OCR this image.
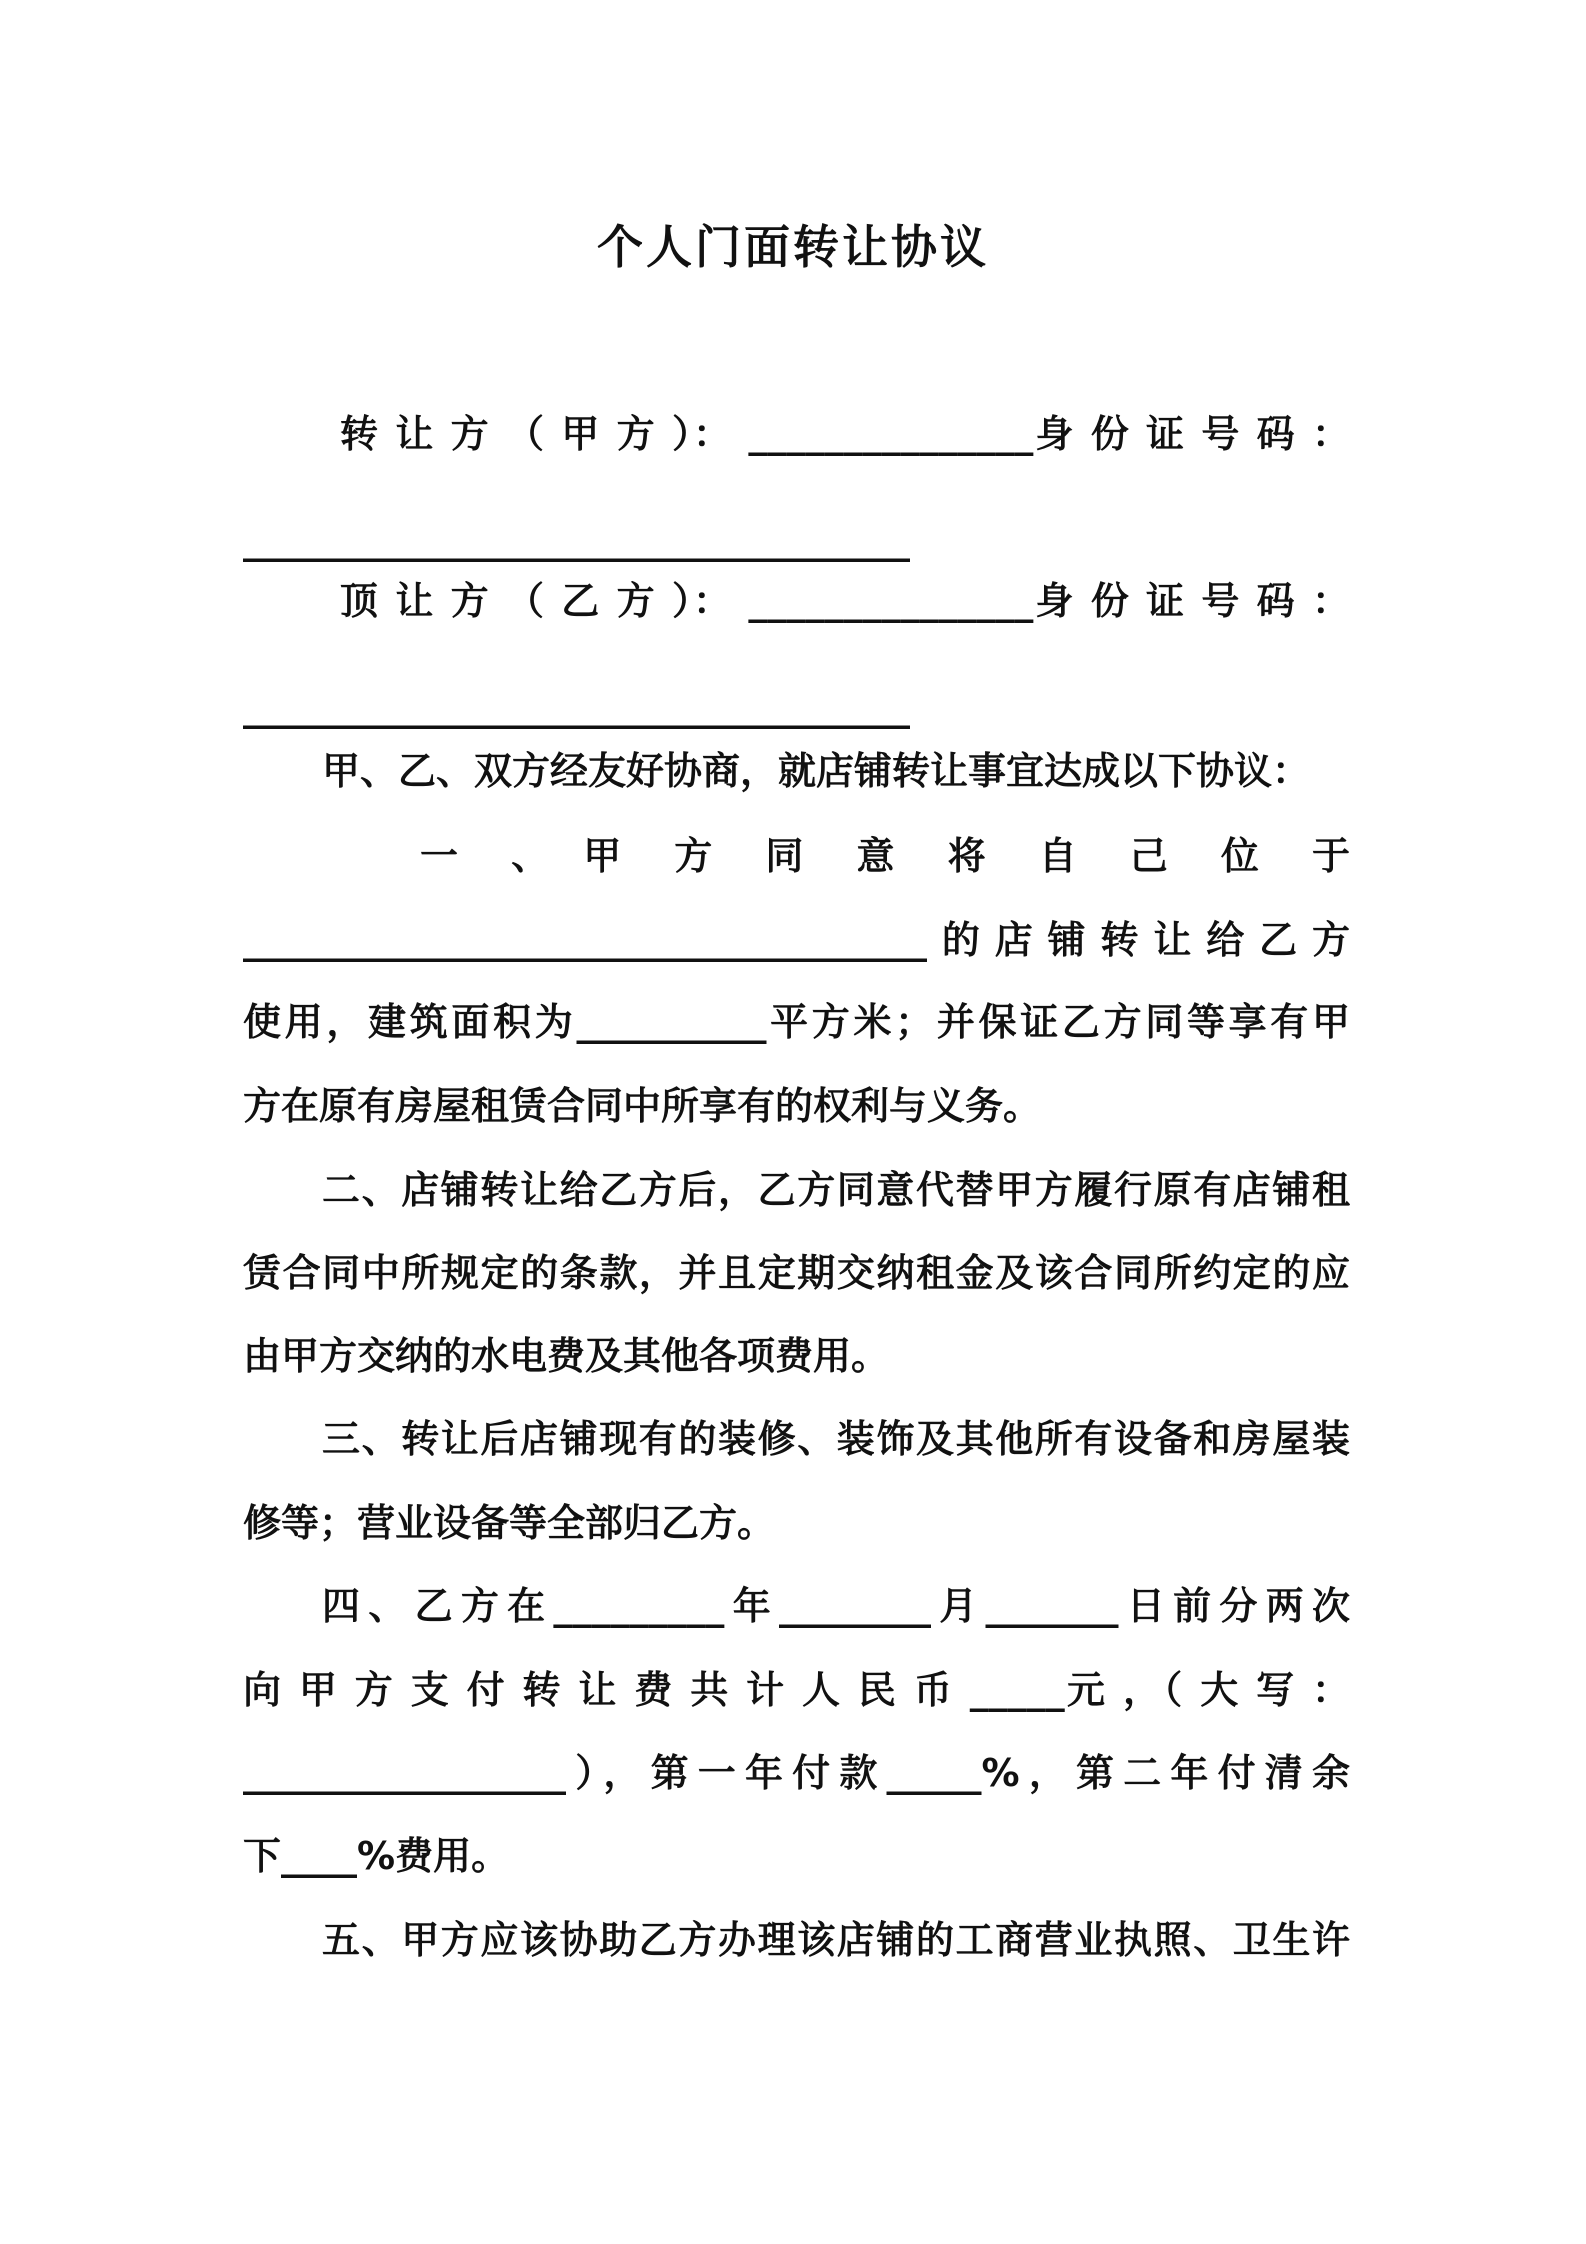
个人门面转让协议
转 让 方 （ 甲 方 ）： _______________身 份 证 号 码 ：
_____________________________________
顶 让 方 （ 乙 方 ）： _______________身 份 证 号 码 ：
_____________________________________
甲、乙、双方经友好协商，就店铺转让事宜达成以下协议：
一　、　甲　方　同　意　将　自　己　位　于
____________________________________的店铺转让给乙方
使用，建筑面积为__________平方米；并保证乙方同等享有甲
方在原有房屋租赁合同中所享有的权利与义务。
二、店铺转让给乙方后，乙方同意代替甲方履行原有店铺租
赁合同中所规定的条款，并且定期交纳租金及该合同所约定的应
由甲方交纳的水电费及其他各项费用。
三、转让后店铺现有的装修、装饰及其他所有设备和房屋装
修等；营业设备等全部归乙方。
四、乙方在_________年________月_______日前分两次
向 甲 方 支 付 转 让 费 共 计 人 民 币 _____元 ，（ 大 写 ：
_________________），第一年付款_____%，第二年付清余
下____%费用。
五、甲方应该协助乙方办理该店铺的工商营业执照、卫生许
